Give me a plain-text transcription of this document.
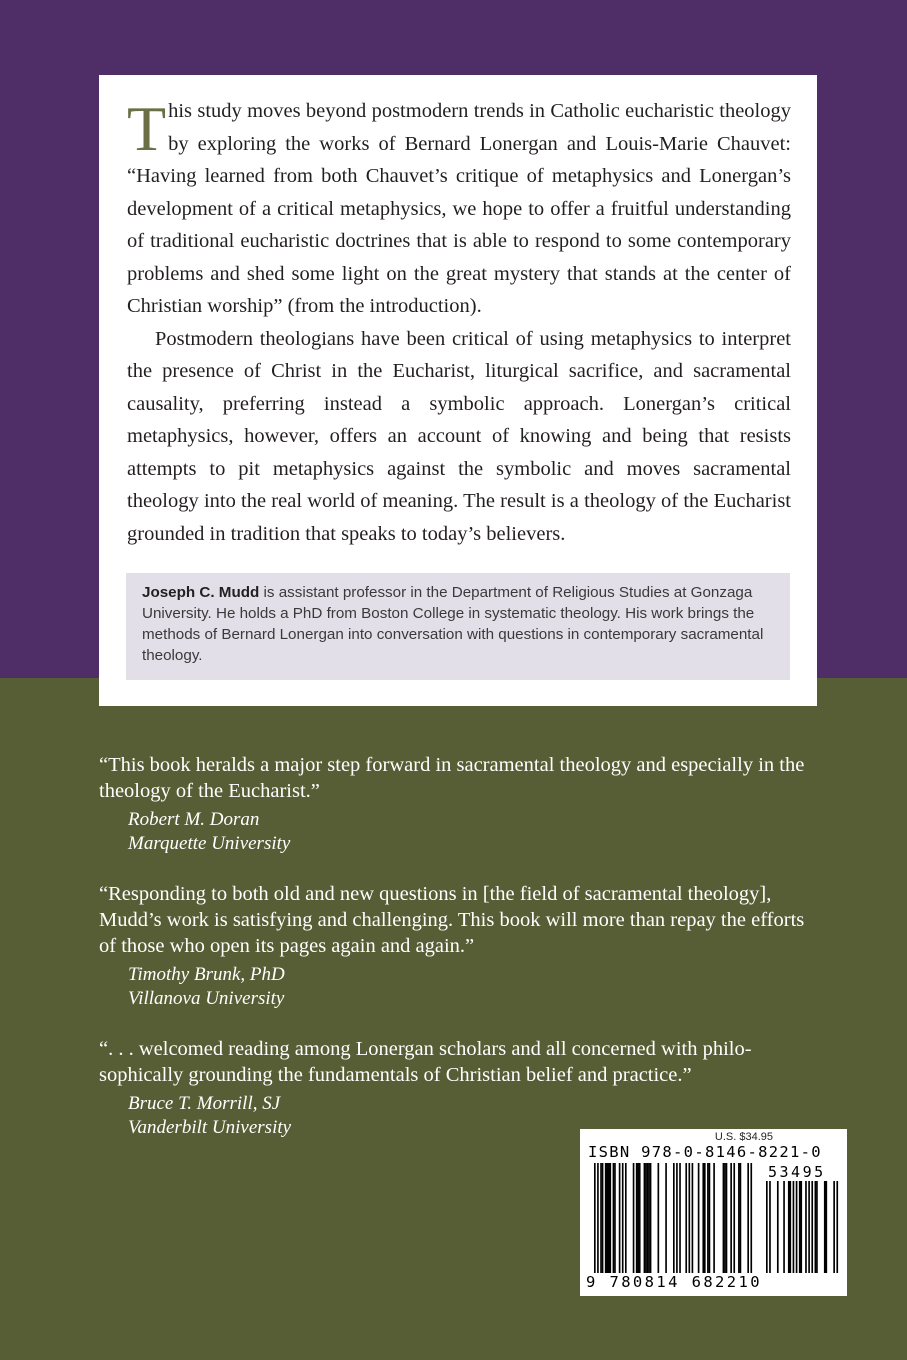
This study moves beyond postmodern trends in Catholic eucharistic theology by exploring the works of Bernard Lonergan and Louis-Marie Chauvet: “Having learned from both Chauvet’s critique of metaphysics and Lonergan’s development of a critical metaphysics, we hope to offer a fruitful understanding of traditional eucharistic doctrines that is able to respond to some contemporary problems and shed some light on the great mystery that stands at the center of Christian worship” (from the introduction).

Postmodern theologians have been critical of using metaphysics to interpret the presence of Christ in the Eucharist, liturgical sacrifice, and sacramental causality, preferring instead a symbolic approach. Lonergan’s critical metaphysics, however, offers an account of knowing and being that resists attempts to pit metaphysics against the symbolic and moves sacramental theology into the real world of meaning. The result is a theology of the Eucharist grounded in tradition that speaks to today’s believers.

Joseph C. Mudd is assistant professor in the Department of Religious Studies at Gonzaga University. He holds a PhD from Boston College in systematic theology. His work brings the methods of Bernard Lonergan into conversation with questions in contemporary sacramental theology.

“This book heralds a major step forward in sacramental theology and especially in the theology of the Eucharist.”

Robert M. Doran
Marquette University

“Responding to both old and new questions in [the field of sacramental theology], Mudd’s work is satisfying and challenging. This book will more than repay the efforts of those who open its pages again and again.”

Timothy Brunk, PhD
Villanova University

“. . . welcomed reading among Lonergan scholars and all concerned with philosophically grounding the fundamentals of Christian belief and practice.”

Bruce T. Morrill, SJ
Vanderbilt University	U.S. $34.95
ISBN 978-0-8146-8221-0
53495
9 780814 682210
